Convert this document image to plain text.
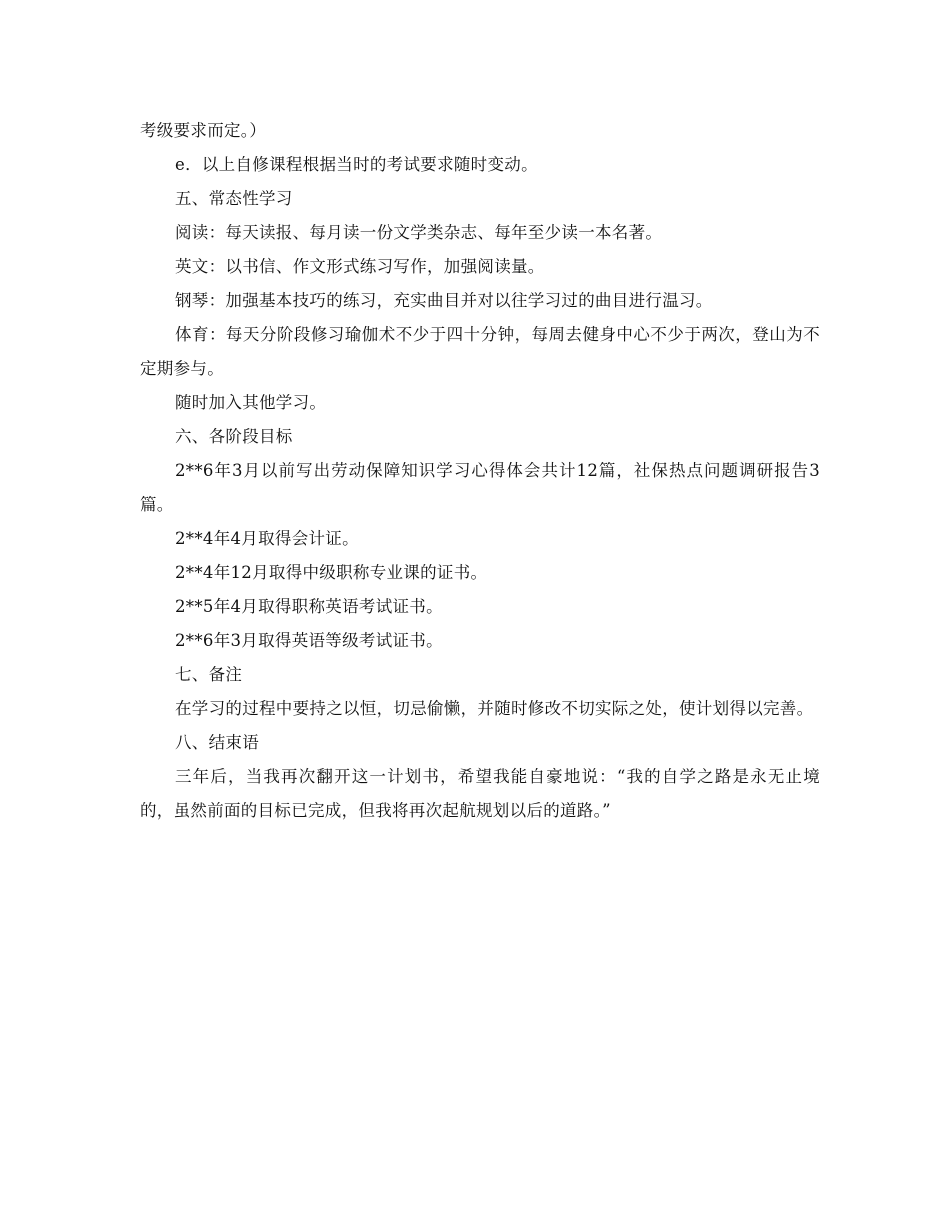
考级要求而定。）

e．以上自修课程根据当时的考试要求随时变动。

五、常态性学习

阅读：每天读报、每月读一份文学类杂志、每年至少读一本名著。

英文：以书信、作文形式练习写作，加强阅读量。

钢琴：加强基本技巧的练习，充实曲目并对以往学习过的曲目进行温习。

体育：每天分阶段修习瑜伽术不少于四十分钟，每周去健身中心不少于两次，登山为不定期参与。

随时加入其他学习。

六、各阶段目标

2**6年3月以前写出劳动保障知识学习心得体会共计12篇，社保热点问题调研报告3篇。

2**4年4月取得会计证。

2**4年12月取得中级职称专业课的证书。

2**5年4月取得职称英语考试证书。

2**6年3月取得英语等级考试证书。

七、备注

在学习的过程中要持之以恒，切忌偷懒，并随时修改不切实际之处，使计划得以完善。

八、结束语

三年后，当我再次翻开这一计划书，希望我能自豪地说：“我的自学之路是永无止境的，虽然前面的目标已完成，但我将再次起航规划以后的道路。”
